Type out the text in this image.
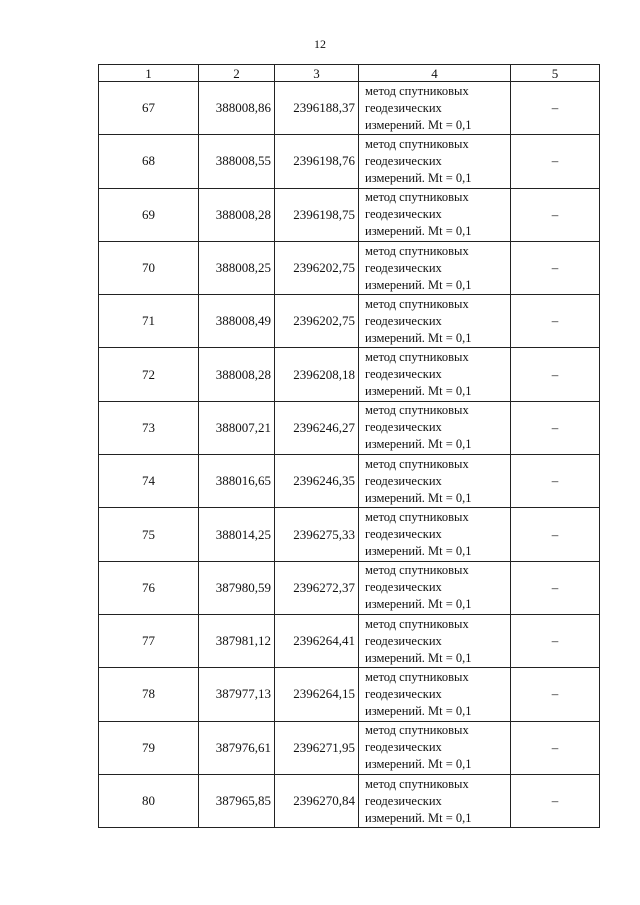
12
1	2	3	4	5
67	388008,86	2396188,37	метод спутниковых
геодезических
измерений. Mt = 0,1	–
68	388008,55	2396198,76	метод спутниковых
геодезических
измерений. Mt = 0,1	–
69	388008,28	2396198,75	метод спутниковых
геодезических
измерений. Mt = 0,1	–
70	388008,25	2396202,75	метод спутниковых
геодезических
измерений. Mt = 0,1	–
71	388008,49	2396202,75	метод спутниковых
геодезических
измерений. Mt = 0,1	–
72	388008,28	2396208,18	метод спутниковых
геодезических
измерений. Mt = 0,1	–
73	388007,21	2396246,27	метод спутниковых
геодезических
измерений. Mt = 0,1	–
74	388016,65	2396246,35	метод спутниковых
геодезических
измерений. Mt = 0,1	–
75	388014,25	2396275,33	метод спутниковых
геодезических
измерений. Mt = 0,1	–
76	387980,59	2396272,37	метод спутниковых
геодезических
измерений. Mt = 0,1	–
77	387981,12	2396264,41	метод спутниковых
геодезических
измерений. Mt = 0,1	–
78	387977,13	2396264,15	метод спутниковых
геодезических
измерений. Mt = 0,1	–
79	387976,61	2396271,95	метод спутниковых
геодезических
измерений. Mt = 0,1	–
80	387965,85	2396270,84	метод спутниковых
геодезических
измерений. Mt = 0,1	–
